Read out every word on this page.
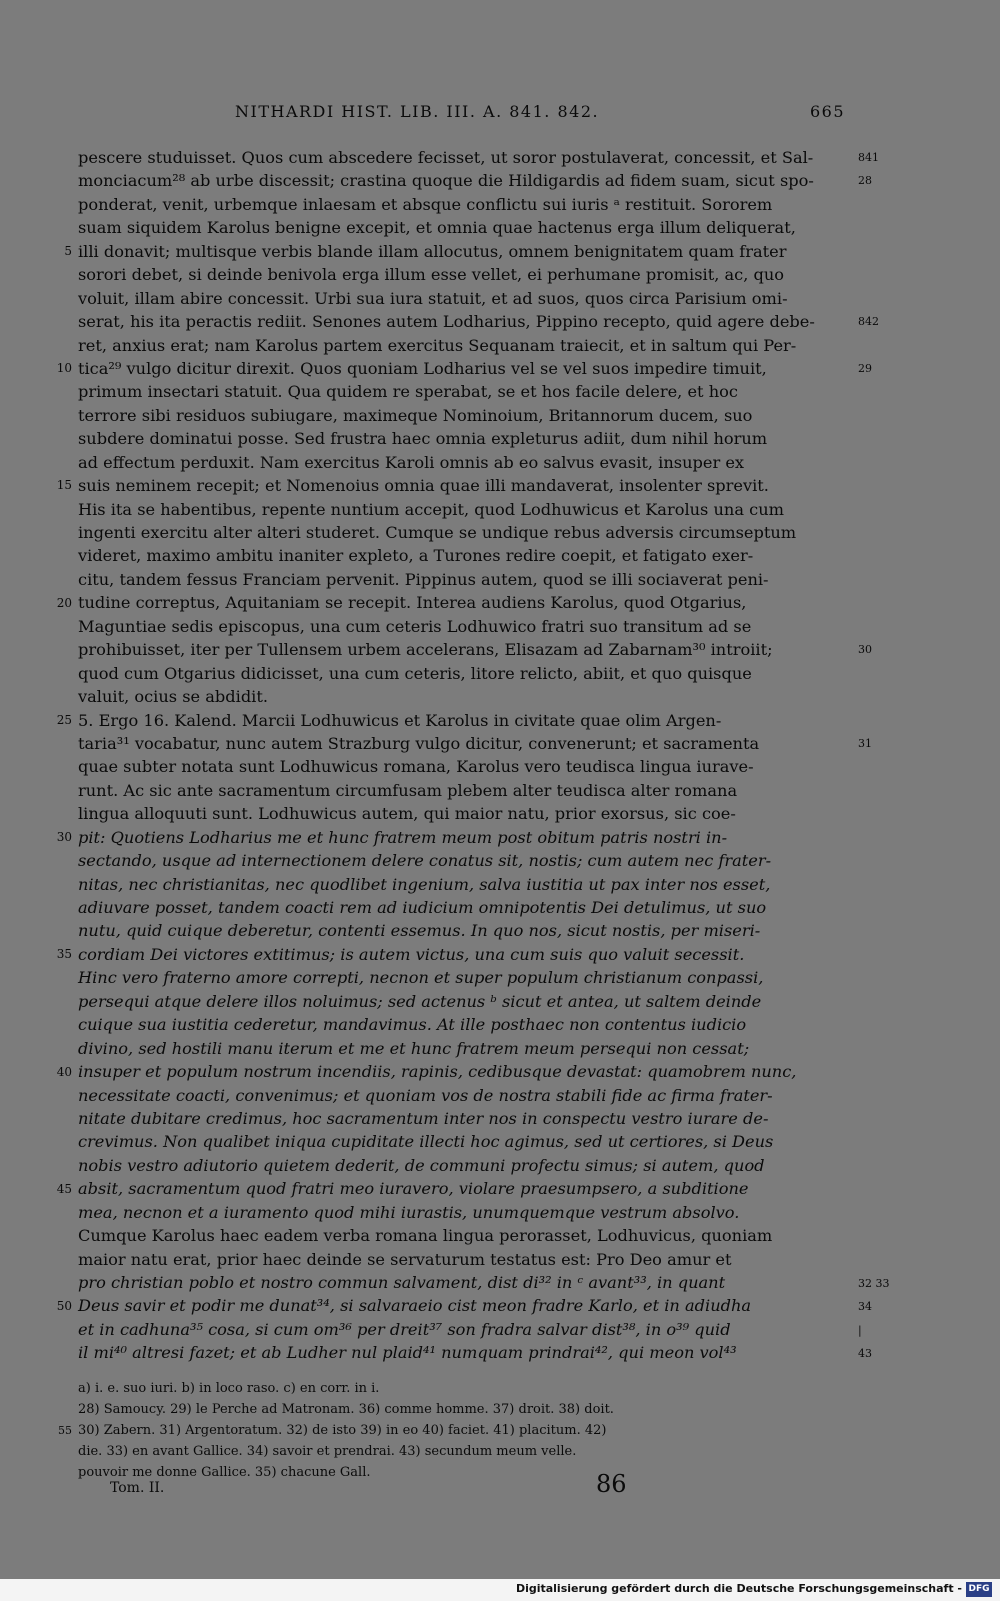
NITHARDI HIST. LIB. III. A. 841. 842.	665
pescere studuisset. Quos cum abscedere fecisset, ut soror postulaverat, concessit, et Sal-
monciacum²⁸ ab urbe discessit; crastina quoque die Hildigardis ad fidem suam, sicut spo-
ponderat, venit, urbemque inlaesam et absque conflictu sui iuris ᵃ restituit. Sororem
suam siquidem Karolus benigne excepit, et omnia quae hactenus erga illum deliquerat,
illi donavit; multisque verbis blande illam allocutus, omnem benignitatem quam frater
sorori debet, si deinde benivola erga illum esse vellet, ei perhumane promisit, ac, quo
voluit, illam abire concessit. Urbi sua iura statuit, et ad suos, quos circa Parisium omi-
serat, his ita peractis rediit. Senones autem Lodharius, Pippino recepto, quid agere debe-
ret, anxius erat; nam Karolus partem exercitus Sequanam traiecit, et in saltum qui Per-
tica²⁹ vulgo dicitur direxit. Quos quoniam Lodharius vel se vel suos impedire timuit,
primum insectari statuit. Qua quidem re sperabat, se et hos facile delere, et hoc
terrore sibi residuos subiugare, maximeque Nominoium, Britannorum ducem, suo
subdere dominatui posse. Sed frustra haec omnia expleturus adiit, dum nihil horum
ad effectum perduxit. Nam exercitus Karoli omnis ab eo salvus evasit, insuper ex
suis neminem recepit; et Nomenoius omnia quae illi mandaverat, insolenter sprevit.
His ita se habentibus, repente nuntium accepit, quod Lodhuwicus et Karolus una cum
ingenti exercitu alter alteri studeret. Cumque se undique rebus adversis circumseptum
videret, maximo ambitu inaniter expleto, a Turones redire coepit, et fatigato exer-
citu, tandem fessus Franciam pervenit. Pippinus autem, quod se illi sociaverat peni-
tudine correptus, Aquitaniam se recepit. Interea audiens Karolus, quod Otgarius,
Maguntiae sedis episcopus, una cum ceteris Lodhuwico fratri suo transitum ad se
prohibuisset, iter per Tullensem urbem accelerans, Elisazam ad Zabarnam³⁰ introiit;
quod cum Otgarius didicisset, una cum ceteris, litore relicto, abiit, et quo quisque
valuit, ocius se abdidit.
5. Ergo 16. Kalend. Marcii Lodhuwicus et Karolus in civitate quae olim Argen-
taria³¹ vocabatur, nunc autem Strazburg vulgo dicitur, convenerunt; et sacramenta
quae subter notata sunt Lodhuwicus romana, Karolus vero teudisca lingua iurave-
runt. Ac sic ante sacramentum circumfusam plebem alter teudisca alter romana
lingua alloquuti sunt. Lodhuwicus autem, qui maior natu, prior exorsus, sic coe-
pit: Quotiens Lodharius me et hunc fratrem meum post obitum patris nostri in-
sectando, usque ad internectionem delere conatus sit, nostis; cum autem nec frater-
nitas, nec christianitas, nec quodlibet ingenium, salva iustitia ut pax inter nos esset,
adiuvare posset, tandem coacti rem ad iudicium omnipotentis Dei detulimus, ut suo
nutu, quid cuique deberetur, contenti essemus. In quo nos, sicut nostis, per miseri-
cordiam Dei victores extitimus; is autem victus, una cum suis quo valuit secessit.
Hinc vero fraterno amore correpti, necnon et super populum christianum conpassi,
persequi atque delere illos noluimus; sed actenus ᵇ sicut et antea, ut saltem deinde
cuique sua iustitia cederetur, mandavimus. At ille posthaec non contentus iudicio
divino, sed hostili manu iterum et me et hunc fratrem meum persequi non cessat;
insuper et populum nostrum incendiis, rapinis, cedibusque devastat: quamobrem nunc,
necessitate coacti, convenimus; et quoniam vos de nostra stabili fide ac firma frater-
nitate dubitare credimus, hoc sacramentum inter nos in conspectu vestro iurare de-
crevimus. Non qualibet iniqua cupiditate illecti hoc agimus, sed ut certiores, si Deus
nobis vestro adiutorio quietem dederit, de communi profectu simus; si autem, quod
absit, sacramentum quod fratri meo iuravero, violare praesumpsero, a subditione
mea, necnon et a iuramento quod mihi iurastis, unumquemque vestrum absolvo.
Cumque Karolus haec eadem verba romana lingua perorasset, Lodhuvicus, quoniam
maior natu erat, prior haec deinde se servaturum testatus est: Pro Deo amur et
pro christian poblo et nostro commun salvament, dist di³² in ᶜ avant³³, in quant
Deus savir et podir me dunat³⁴, si salvaraeio cist meon fradre Karlo, et in adiudha
et in cadhuna³⁵ cosa, si cum om³⁶ per dreit³⁷ son fradra salvar dist³⁸, in o³⁹ quid
il mi⁴⁰ altresi fazet; et ab Ludher nul plaid⁴¹ numquam prindrai⁴², qui meon vol⁴³
a) i. e. suo iuri. b) in loco raso. c) en corr. in i.
28) Samoucy. 29) le Perche ad Matronam. 36) comme homme. 37) droit. 38) doit.
30) Zabern. 31) Argentoratum. 32) de isto 39) in eo 40) faciet. 41) placitum. 42)
die. 33) en avant Gallice. 34) savoir et prendrai. 43) secundum meum velle.
pouvoir me donne Gallice. 35) chacune Gall.
Tom. II.	86
Digitalisierung gefördert durch die Deutsche Forschungsgemeinschaft - DFG
841
28
5
842
10	29
15
20
30
25
31
30
35
40
45
32 33
50	34
|
43
55
